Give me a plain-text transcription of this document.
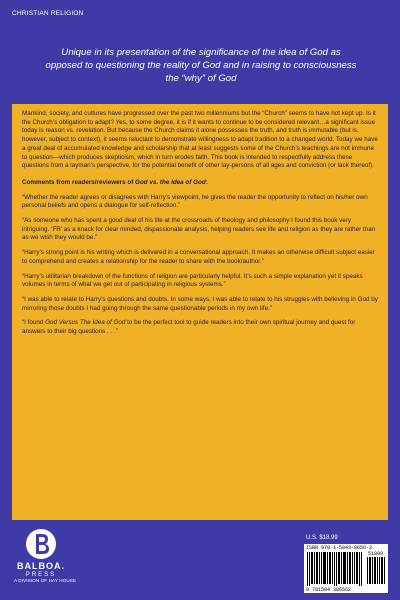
CHRISTIAN RELIGION
Unique in its presentation of the significance of the idea of God as opposed to questioning the reality of God and in raising to consciousness the “why” of God

Mankind, society, and cultures have progressed over the past two millenniums but the “Church” seems to have not kept up. Is it the Church’s obligation to adapt? Yes, to some degree, it is if it wants to continue to be considered relevant…a significant issue today is reason vs. revelation. But because the Church claims it alone possesses the truth, and truth is immutable (but is, however, subject to context), it seems reluctant to demonstrate willingness to adapt tradition to a changed world. Today we have a great deal of accumulated knowledge and scholarship that at least suggests some of the Church’s teachings are not immune to question—which produces skepticism, which in turn erodes faith. This book is intended to respectfully address these questions from a layman’s perspective, for the potential benefit of other lay-persons of all ages and conviction (or lack thereof).

Comments from readers/reviewers of God vs. the Idea of God:

“Whether the reader agrees or disagrees with Harry’s viewpoint, he gives the reader the opportunity to reflect on his/her own personal beliefs and opens a dialogue for self-reflection.”

“As someone who has spent a good deal of his life at the crossroads of theology and philosophy I found this book very intriguing. ‘FR’ as a knack for clear minded, dispassionate analysis, helping readers see life and religion as they are rather than as we wish they would be.”

“Harry’s strong point is his writing which is delivered in a conversational approach. It makes an otherwise difficult subject easier to comprehend and creates a relationship for the reader to share with the book/author.”

“Harry’s utilitarian breakdown of the functions of religion are particularly helpful. It’s such a simple explanation yet it speaks volumes in terms of what we get out of participating in religious systems.”

“I was able to relate to Harry’s questions and doubts. In some ways, I was able to relate to his struggles with believing in God by mirroring those doubts I had going through the same questionable periods in my own life.”

“I found God Versus The Idea of God to be the perfect tool to guide readers into their own spiritual journey and quest for answers to their big questions . . .”

U.S. $18.99
ISBN 978-1-5043-8656-2
51899
9 781504 386562
BALBOA.
PRESS
A DIVISION OF HAY HOUSE
